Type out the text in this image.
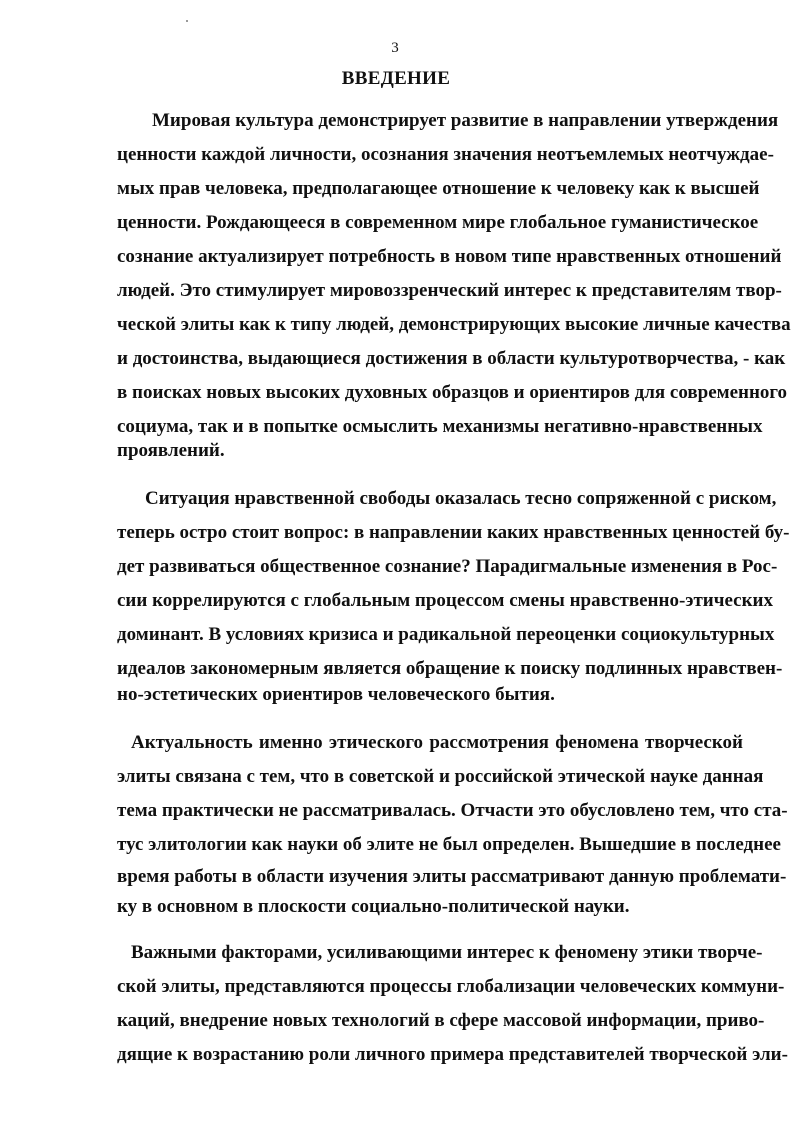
3
ВВЕДЕНИЕ
Мировая культура демонстрирует развитие в направлении утверждения
ценности каждой личности, осознания значения неотъемлемых неотчуждае-
мых прав человека, предполагающее отношение к человеку как к высшей
ценности. Рождающееся в современном мире глобальное гуманистическое
сознание актуализирует потребность в новом типе нравственных отношений
людей. Это стимулирует мировоззренческий интерес к представителям твор-
ческой элиты как к типу людей, демонстрирующих высокие личные качества
и достоинства, выдающиеся достижения в области культуротворчества, - как
в поисках новых высоких духовных образцов и ориентиров для современного
социума, так и в попытке осмыслить механизмы негативно-нравственных
проявлений.
Ситуация нравственной свободы оказалась тесно сопряженной с риском,
теперь остро стоит вопрос: в направлении каких нравственных ценностей бу-
дет развиваться общественное сознание? Парадигмальные изменения в Рос-
сии коррелируются с глобальным процессом смены нравственно-этических
доминант. В условиях кризиса и радикальной переоценки социокультурных
идеалов закономерным является обращение к поиску подлинных нравствен-
но-эстетических ориентиров человеческого бытия.
Актуальность именно этического рассмотрения феномена творческой
элиты связана с тем, что в советской и российской этической науке данная
тема практически не рассматривалась. Отчасти это обусловлено тем, что ста-
тус элитологии как науки об элите не был определен. Вышедшие в последнее
время работы в области изучения элиты рассматривают данную проблемати-
ку в основном в плоскости социально-политической науки.
Важными факторами, усиливающими интерес к феномену этики творче-
ской элиты, представляются процессы глобализации человеческих коммуни-
каций, внедрение новых технологий в сфере массовой информации, приво-
дящие к возрастанию роли личного примера представителей творческой эли-
